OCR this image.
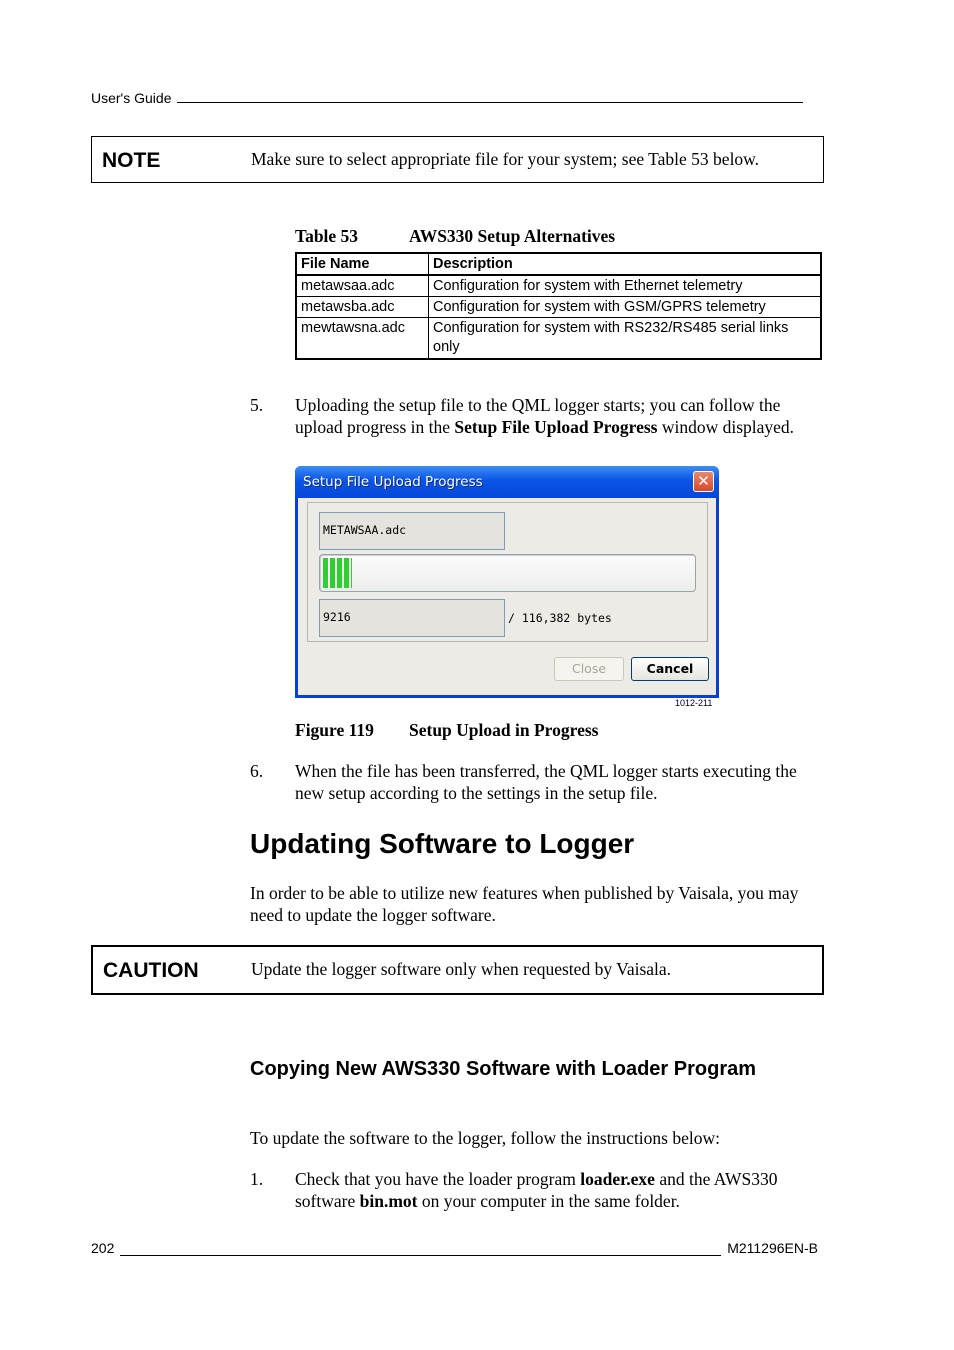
User's Guide
NOTE	Make sure to select appropriate file for your system; see Table 53 below.
Table 53	AWS330 Setup Alternatives
File Name	Description
metawsaa.adc	Configuration for system with Ethernet telemetry
metawsba.adc	Configuration for system with GSM/GPRS telemetry
mewtawsna.adc	Configuration for system with RS232/RS485 serial links only
5. Uploading the setup file to the QML logger starts; you can follow the upload progress in the Setup File Upload Progress window displayed.
Setup File Upload Progress	✕
METAWSAA.adc
9216	/ 116,382 bytes
Close	Cancel
1012-211
Figure 119 Setup Upload in Progress
6. When the file has been transferred, the QML logger starts executing the new setup according to the settings in the setup file.
Updating Software to Logger
In order to be able to utilize new features when published by Vaisala, you may need to update the logger software.
CAUTION	Update the logger software only when requested by Vaisala.
Copying New AWS330 Software with Loader Program
To update the software to the logger, follow the instructions below:
1. Check that you have the loader program loader.exe and the AWS330 software bin.mot on your computer in the same folder.
202	M211296EN-B
